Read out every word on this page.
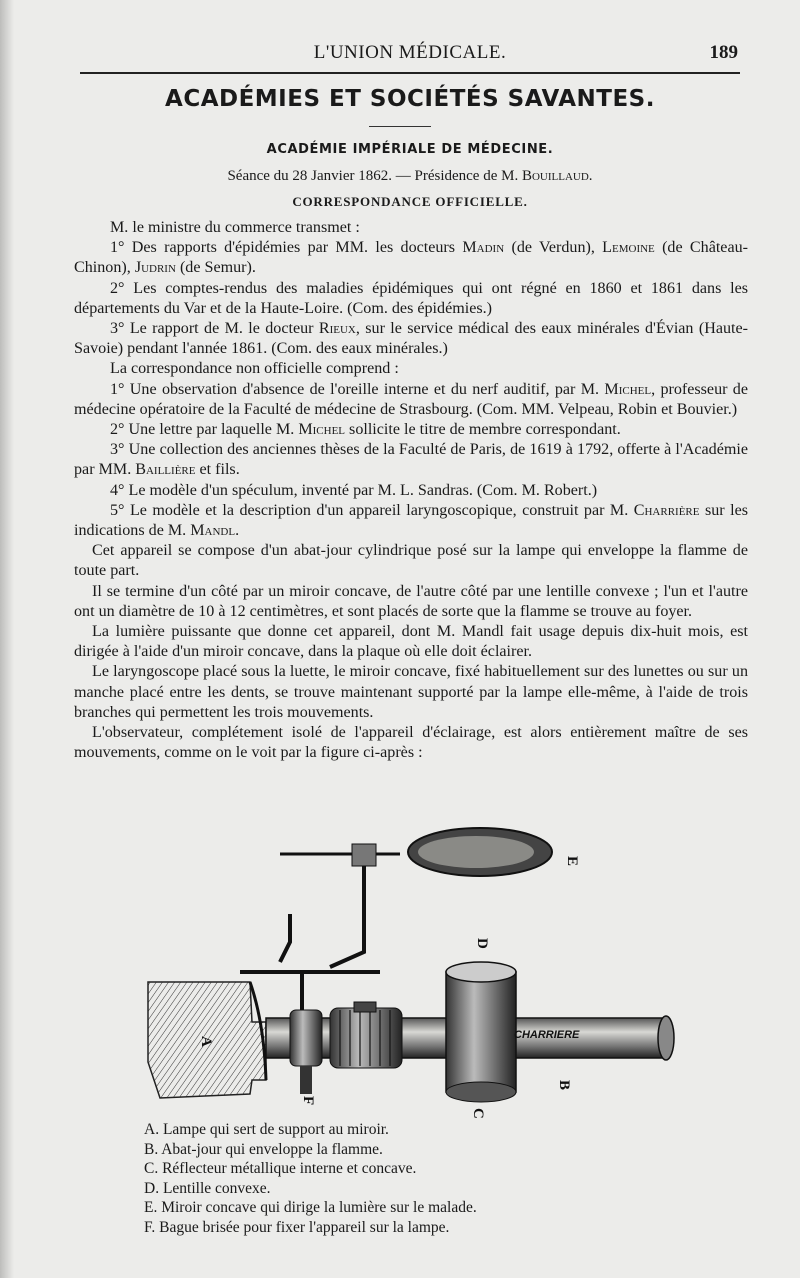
L'UNION MÉDICALE.	189
ACADÉMIES ET SOCIÉTÉS SAVANTES.
ACADÉMIE IMPÉRIALE DE MÉDECINE.
Séance du 28 Janvier 1862. — Présidence de M. Bouillaud.
CORRESPONDANCE OFFICIELLE.

M. le ministre du commerce transmet :

1° Des rapports d'épidémies par MM. les docteurs Madin (de Verdun), Lemoine (de Château-Chinon), Judrin (de Semur).

2° Les comptes-rendus des maladies épidémiques qui ont régné en 1860 et 1861 dans les départements du Var et de la Haute-Loire. (Com. des épidémies.)

3° Le rapport de M. le docteur Rieux, sur le service médical des eaux minérales d'Évian (Haute-Savoie) pendant l'année 1861. (Com. des eaux minérales.)

La correspondance non officielle comprend :

1° Une observation d'absence de l'oreille interne et du nerf auditif, par M. Michel, professeur de médecine opératoire de la Faculté de médecine de Strasbourg. (Com. MM. Velpeau, Robin et Bouvier.)

2° Une lettre par laquelle M. Michel sollicite le titre de membre correspondant.

3° Une collection des anciennes thèses de la Faculté de Paris, de 1619 à 1792, offerte à l'Académie par MM. Baillière et fils.

4° Le modèle d'un spéculum, inventé par M. L. Sandras. (Com. M. Robert.)

5° Le modèle et la description d'un appareil laryngoscopique, construit par M. Charrière sur les indications de M. Mandl.

Cet appareil se compose d'un abat-jour cylindrique posé sur la lampe qui enveloppe la flamme de toute part.

Il se termine d'un côté par un miroir concave, de l'autre côté par une lentille convexe ; l'un et l'autre ont un diamètre de 10 à 12 centimètres, et sont placés de sorte que la flamme se trouve au foyer.

La lumière puissante que donne cet appareil, dont M. Mandl fait usage depuis dix-huit mois, est dirigée à l'aide d'un miroir concave, dans la plaque où elle doit éclairer.

Le laryngoscope placé sous la luette, le miroir concave, fixé habituellement sur des lunettes ou sur un manche placé entre les dents, se trouve maintenant supporté par la lampe elle-même, à l'aide de trois branches qui permettent les trois mouvements.

L'observateur, complétement isolé de l'appareil d'éclairage, est alors entièrement maître de ses mouvements, comme on le voit par la figure ci-après :

CHARRIERE
A
B
C
D
E
F
A. Lampe qui sert de support au miroir.
B. Abat-jour qui enveloppe la flamme.
C. Réflecteur métallique interne et concave.
D. Lentille convexe.
E. Miroir concave qui dirige la lumière sur le malade.
F. Bague brisée pour fixer l'appareil sur la lampe.
